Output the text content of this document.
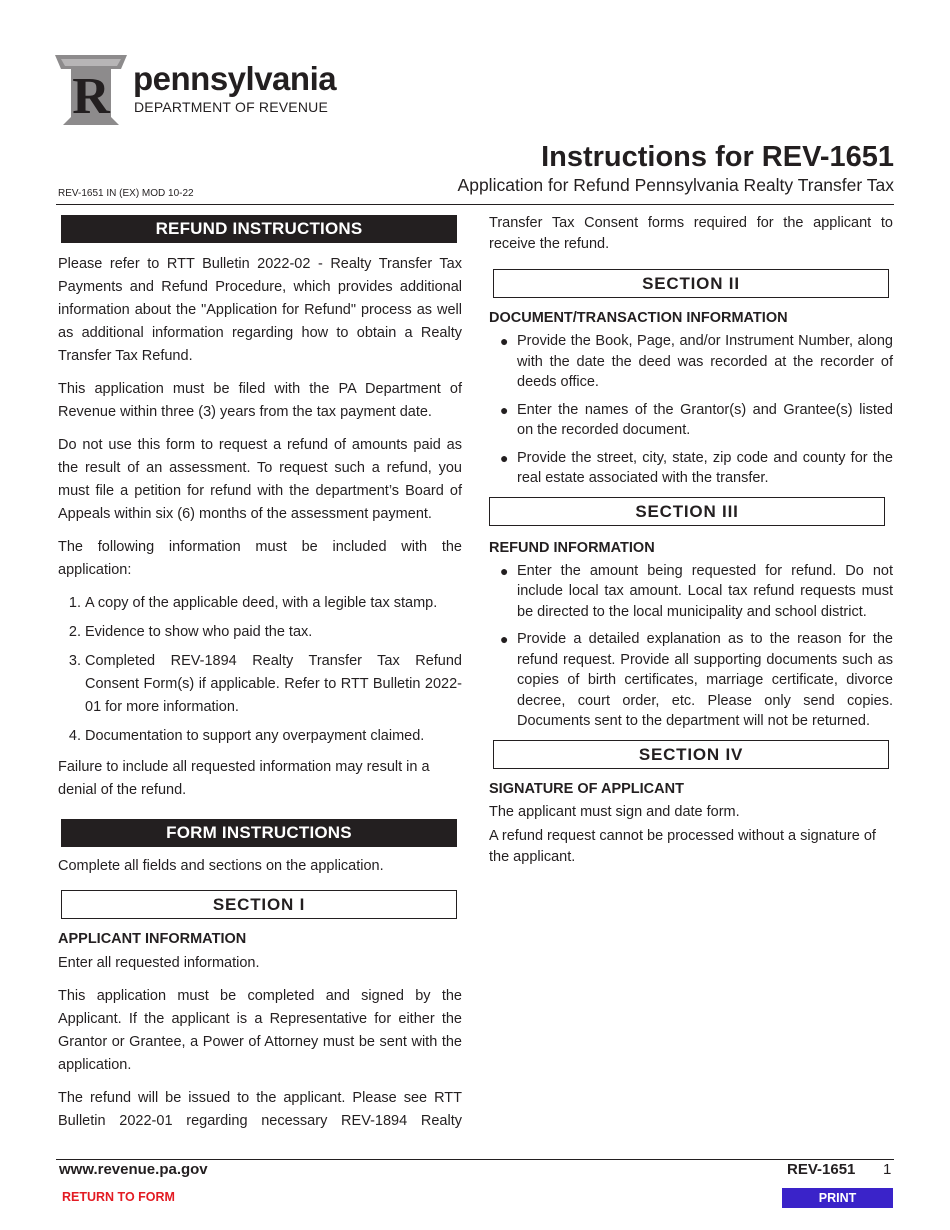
R pennsylvania
DEPARTMENT OF REVENUE
Instructions for REV-1651
Application for Refund Pennsylvania Realty Transfer Tax
REV-1651 IN (EX) MOD 10-22
REFUND INSTRUCTIONS

Please refer to RTT Bulletin 2022-02 - Realty Transfer Tax Payments and Refund Procedure, which provides additional information about the "Application for Refund" process as well as additional information regarding how to obtain a Realty Transfer Tax Refund.

This application must be filed with the PA Department of Revenue within three (3) years from the tax payment date.

Do not use this form to request a refund of amounts paid as the result of an assessment. To request such a refund, you must file a petition for refund with the department’s Board of Appeals within six (6) months of the assessment payment.

The following information must be included with the application:

1. A copy of the applicable deed, with a legible tax stamp.
2. Evidence to show who paid the tax.
3. Completed REV-1894 Realty Transfer Tax Refund Consent Form(s) if applicable. Refer to RTT Bulletin 2022-01 for more information.
4. Documentation to support any overpayment claimed.

Failure to include all requested information may result in a denial of the refund.

FORM INSTRUCTIONS

Complete all fields and sections on the application.

SECTION I
APPLICANT INFORMATION

Enter all requested information.

This application must be completed and signed by the Applicant. If the applicant is a Representative for either the Grantor or Grantee, a Power of Attorney must be sent with the application.

The refund will be issued to the applicant. Please see RTT Bulletin 2022-01 regarding necessary REV-1894 Realty

Transfer Tax Consent forms required for the applicant to receive the refund.

SECTION II
DOCUMENT/TRANSACTION INFORMATION
● Provide the Book, Page, and/or Instrument Number, along with the date the deed was recorded at the recorder of deeds office.
● Enter the names of the Grantor(s) and Grantee(s) listed on the recorded document.
● Provide the street, city, state, zip code and county for the real estate associated with the transfer.
SECTION III
REFUND INFORMATION
● Enter the amount being requested for refund. Do not include local tax amount. Local tax refund requests must be directed to the local municipality and school district.
● Provide a detailed explanation as to the reason for the refund request. Provide all supporting documents such as copies of birth certificates, marriage certificate, divorce decree, court order, etc. Please only send copies. Documents sent to the department will not be returned.
SECTION IV
SIGNATURE OF APPLICANT

The applicant must sign and date form.

A refund request cannot be processed without a signature of the applicant.

www.revenue.pa.gov	REV-1651 1
RETURN TO FORM	PRINT
